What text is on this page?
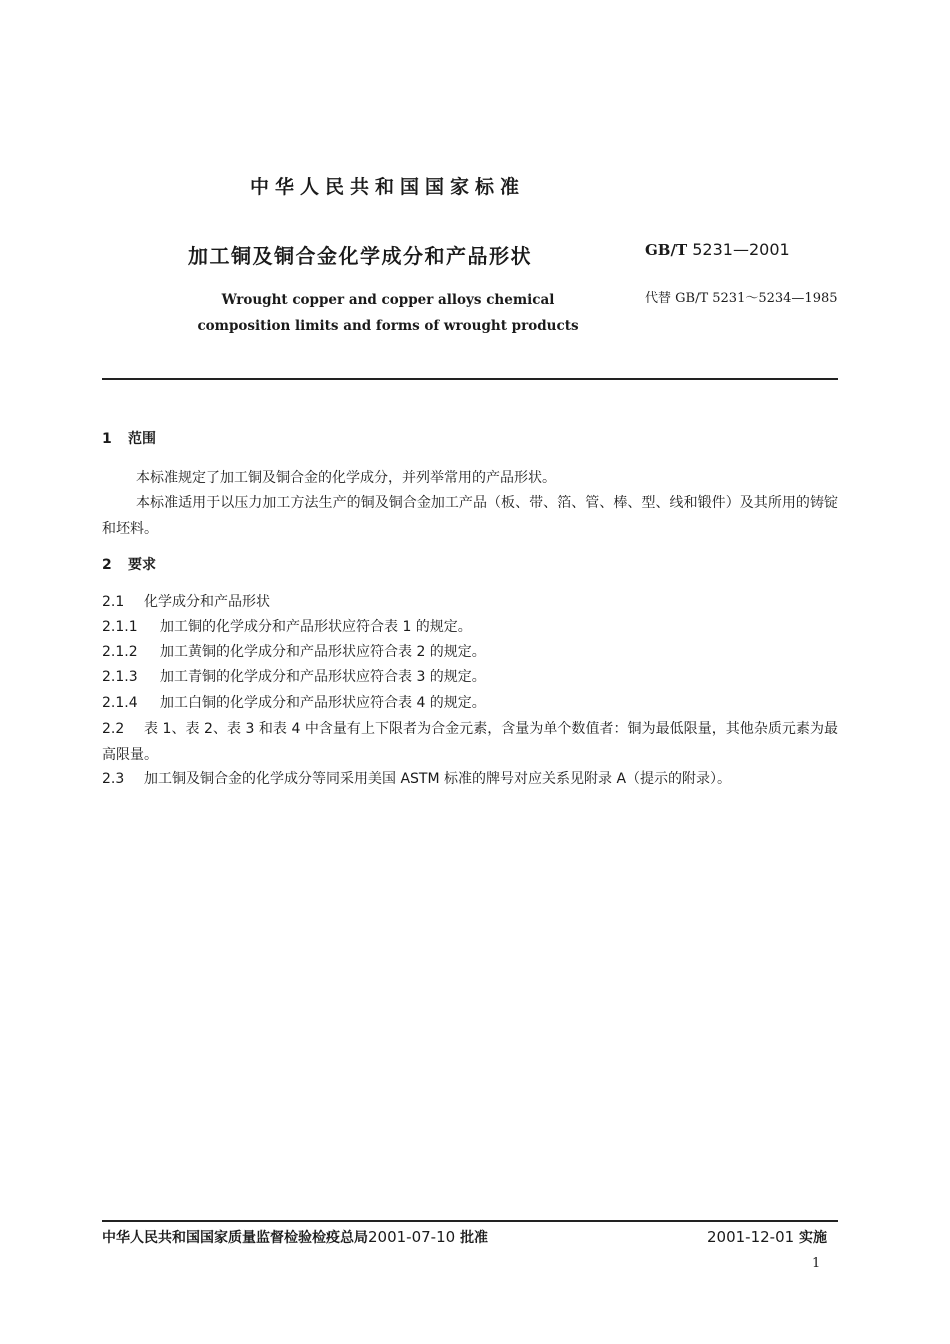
中华人民共和国国家标准
加工铜及铜合金化学成分和产品形状
Wrought copper and copper alloys chemical composition limits and forms of wrought products
GB/T 5231—2001
代替 GB/T 5231～5234—1985
1 范围
本标准规定了加工铜及铜合金的化学成分，并列举常用的产品形状。
本标准适用于以压力加工方法生产的铜及铜合金加工产品（板、带、箔、管、棒、型、线和锻件）及其所用的铸锭和坯料。
2 要求
2.1 化学成分和产品形状
2.1.1 加工铜的化学成分和产品形状应符合表 1 的规定。
2.1.2 加工黄铜的化学成分和产品形状应符合表 2 的规定。
2.1.3 加工青铜的化学成分和产品形状应符合表 3 的规定。
2.1.4 加工白铜的化学成分和产品形状应符合表 4 的规定。
2.2 表 1、表 2、表 3 和表 4 中含量有上下限者为合金元素，含量为单个数值者：铜为最低限量，其他杂质元素为最高限量。
2.3 加工铜及铜合金的化学成分等同采用美国 ASTM 标准的牌号对应关系见附录 A（提示的附录）。
中华人民共和国国家质量监督检验检疫总局2001-07-10 批准	2001-12-01 实施
1
